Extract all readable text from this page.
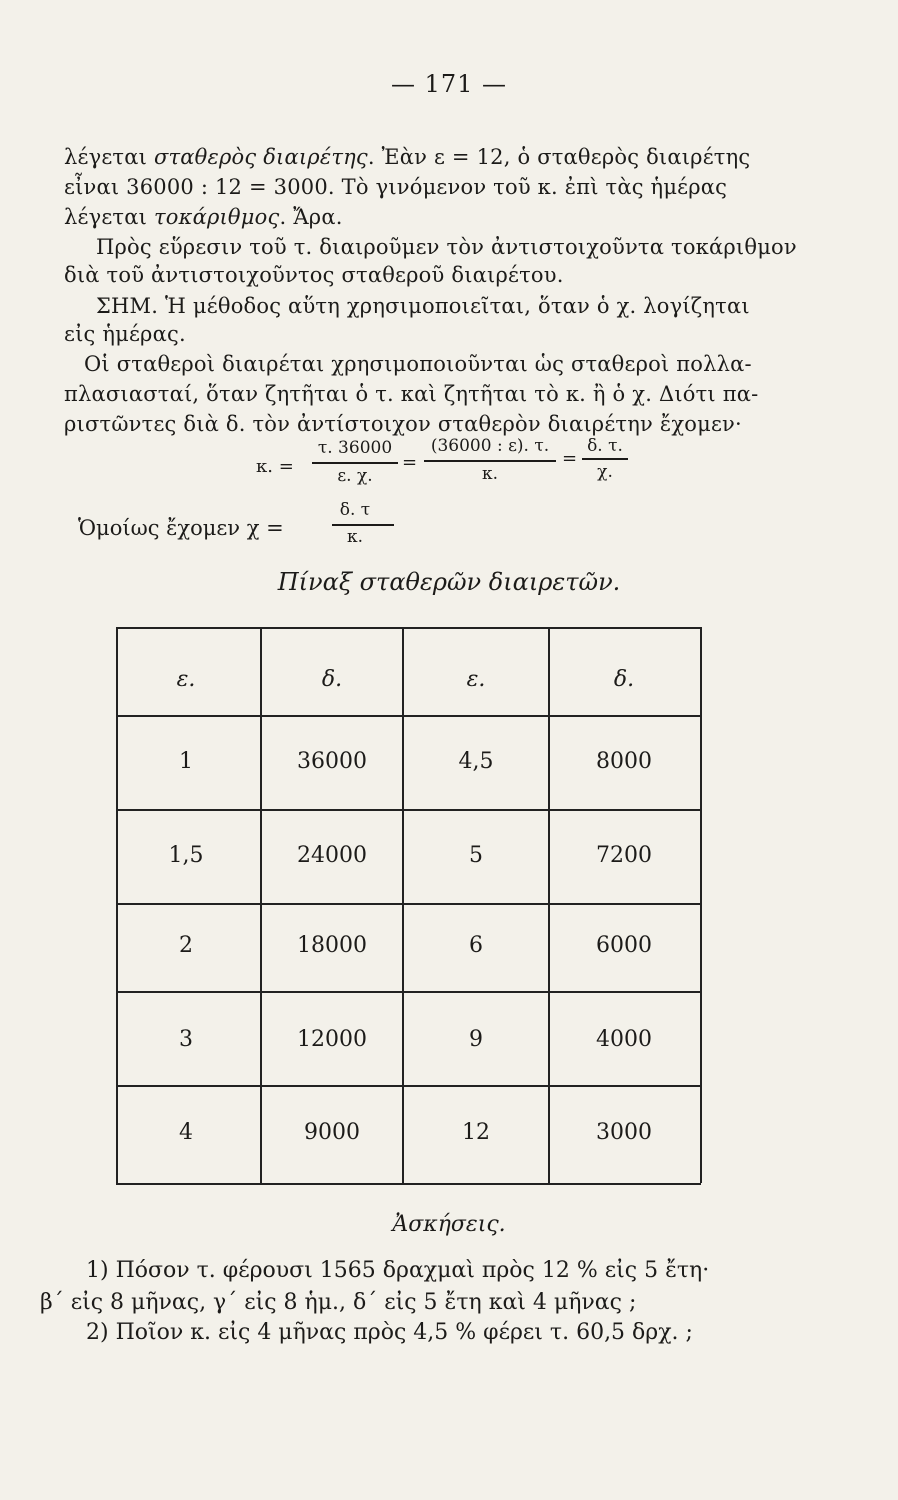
— 171 —
λέγεται σταθερὸς διαιρέτης. Ἐὰν ε = 12, ὁ σταθερὸς διαιρέτης
εἶναι 36000 : 12 = 3000. Τὸ γινόμενον τοῦ κ. ἐπὶ τὰς ἡμέρας
λέγεται τοκάριθμος. Ἄρα.
Πρὸς εὕρεσιν τοῦ τ. διαιροῦμεν τὸν ἀντιστοιχοῦντα τοκάριθμον
διὰ τοῦ ἀντιστοιχοῦντος σταθεροῦ διαιρέτου.
ΣΗΜ. Ἡ μέθοδος αὕτη χρησιμοποιεῖται, ὅταν ὁ χ. λογίζηται
εἰς ἡμέρας.
Οἱ σταθεροὶ διαιρέται χρησιμοποιοῦνται ὡς σταθεροὶ πολλα-
πλασιασταί, ὅταν ζητῆται ὁ τ. καὶ ζητῆται τὸ κ. ἢ ὁ χ. Διότι πα-
ριστῶντες διὰ δ. τὸν ἀντίστοιχον σταθερὸν διαιρέτην ἔχομεν·
κ. =
τ. 36000
ε. χ.
=
(36000 : ε). τ.
κ.
=
δ. τ.
χ.
Ὁμοίως ἔχομεν χ =
δ. τ
κ.
Πίναξ σταθερῶν διαιρετῶν.
ε.	δ.	ε.	δ.
1	36000	4,5	8000
1,5	24000	5	7200
2	18000	6	6000
3	12000	9	4000
4	9000	12	3000
Ἀσκήσεις.
1) Πόσον τ. φέρουσι 1565 δραχμαὶ πρὸς 12 % εἰς 5 ἔτη·
β΄ εἰς 8 μῆνας, γ΄ εἰς 8 ἡμ., δ΄ εἰς 5 ἔτη καὶ 4 μῆνας ;
2) Ποῖον κ. εἰς 4 μῆνας πρὸς 4,5 % φέρει τ. 60,5 δρχ. ;
